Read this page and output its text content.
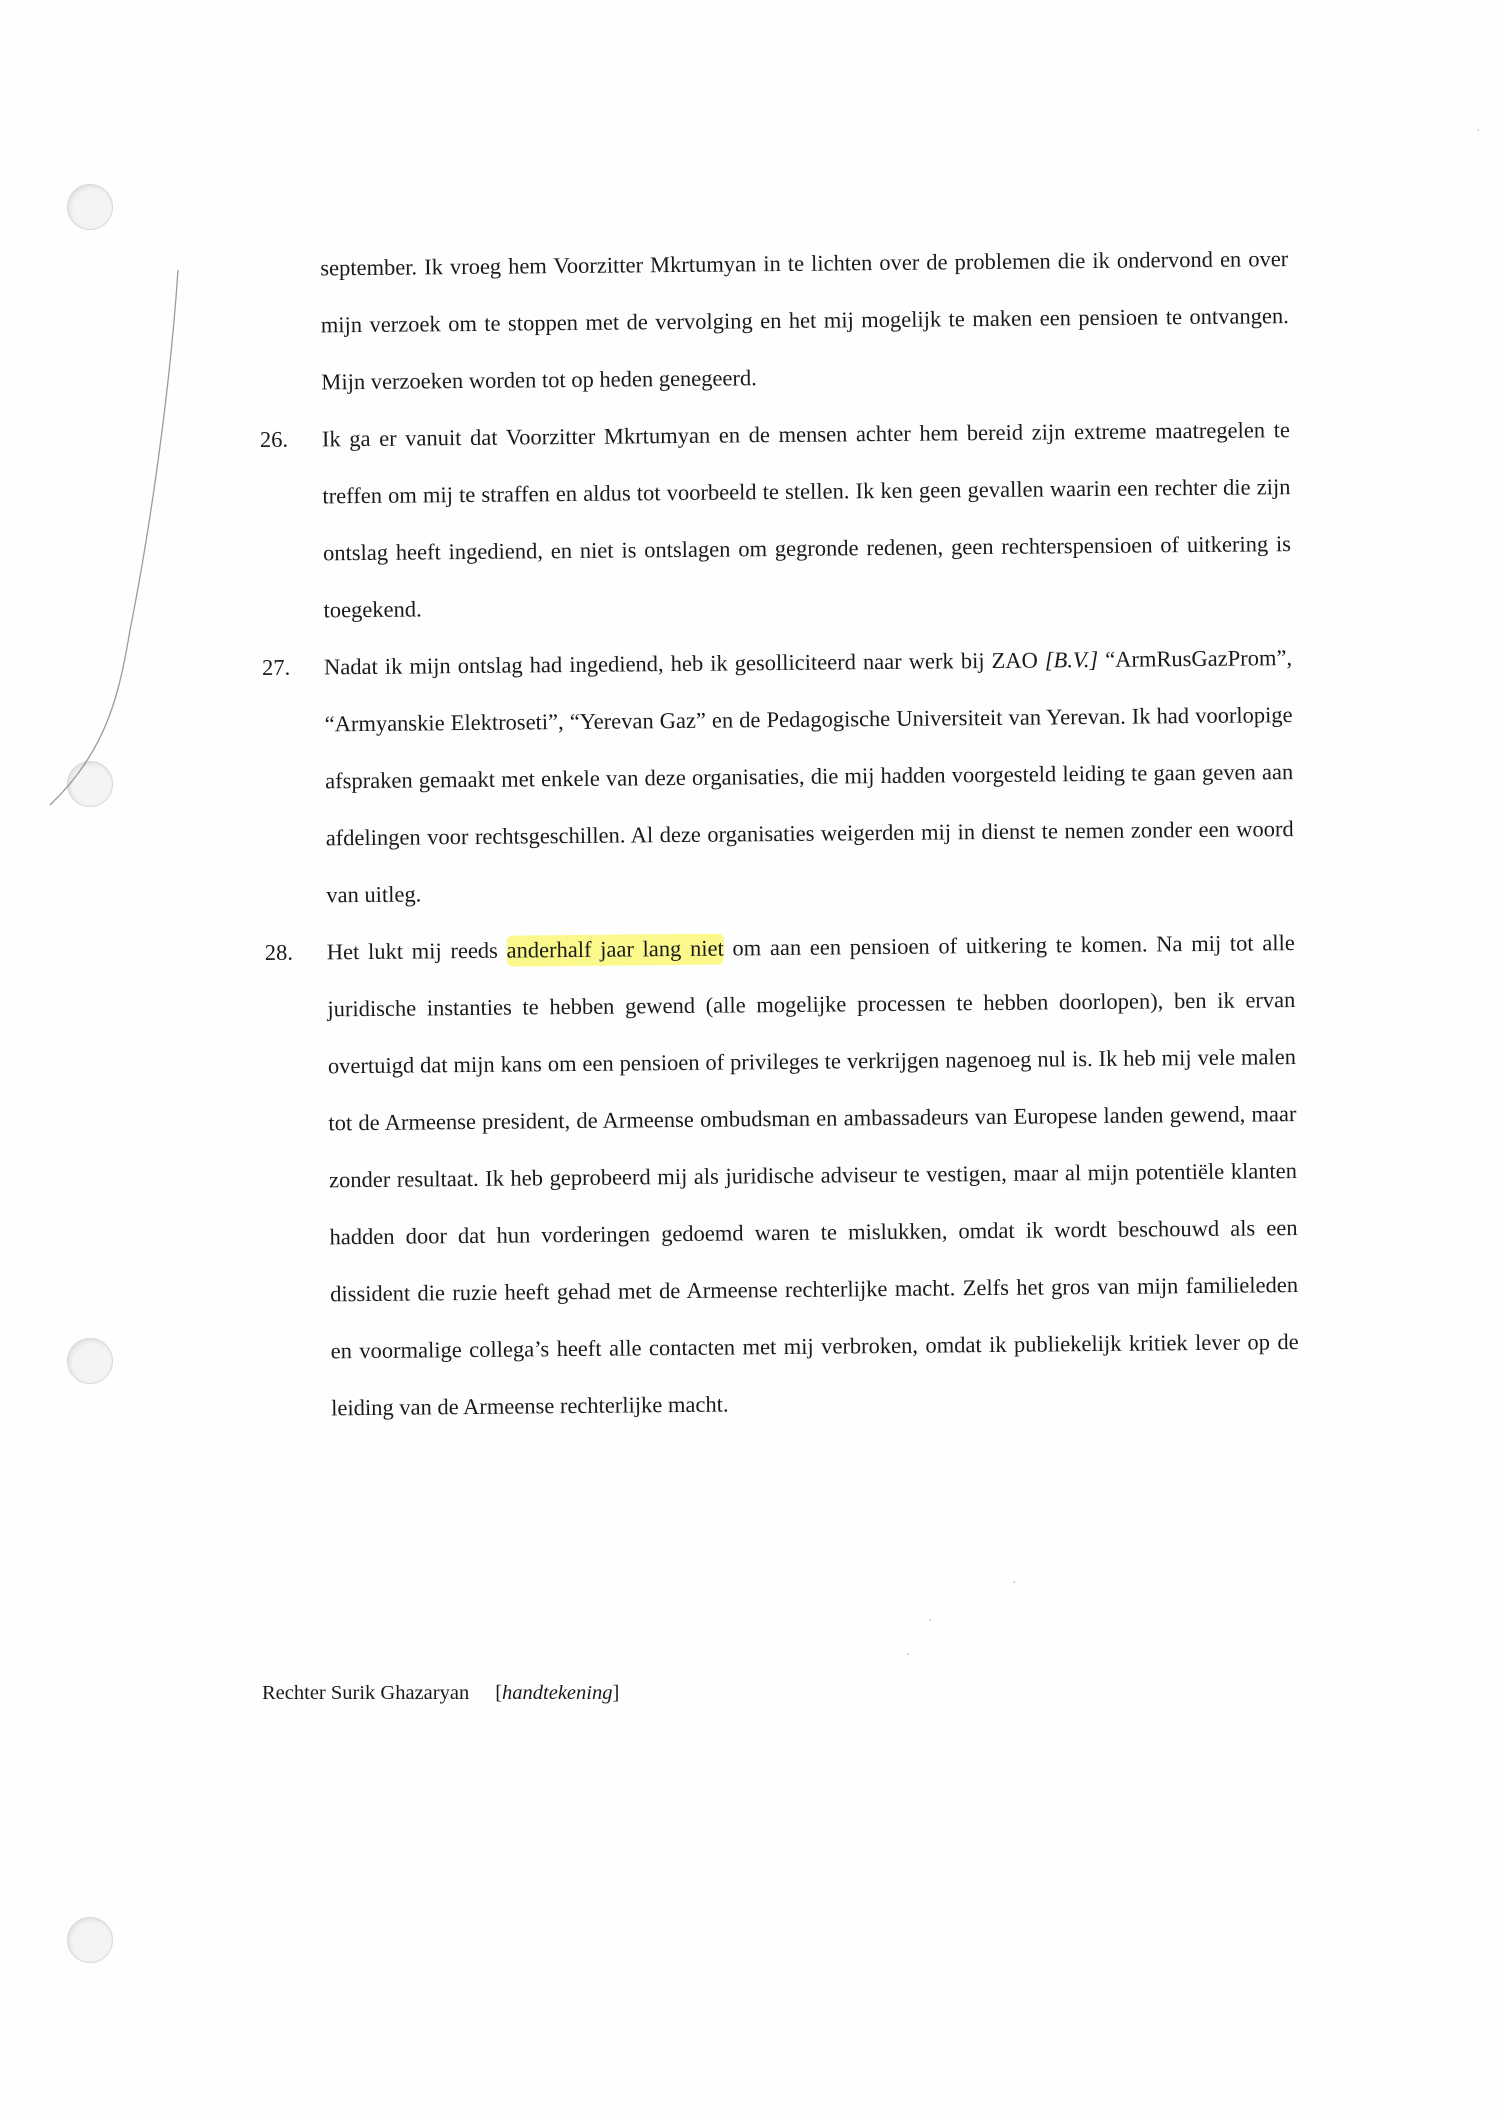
september. Ik vroeg hem Voorzitter Mkrtumyan in te lichten over de problemen die ik ondervond en over mijn verzoek om te stoppen met de vervolging en het mij mogelijk te maken een pensioen te ontvangen. Mijn verzoeken worden tot op heden genegeerd.

26.	Ik ga er vanuit dat Voorzitter Mkrtumyan en de mensen achter hem bereid zijn extreme maatregelen te treffen om mij te straffen en aldus tot voorbeeld te stellen. Ik ken geen gevallen waarin een rechter die zijn ontslag heeft ingediend, en niet is ontslagen om gegronde redenen, geen rechterspensioen of uitkering is toegekend.

27.	Nadat ik mijn ontslag had ingediend, heb ik gesolliciteerd naar werk bij ZAO [B.V.] “ArmRusGazProm”, “Armyanskie Elektroseti”, “Yerevan Gaz” en de Pedagogische Universiteit van Yerevan. Ik had voorlopige afspraken gemaakt met enkele van deze organisaties, die mij hadden voorgesteld leiding te gaan geven aan afdelingen voor rechtsgeschillen. Al deze organisaties weigerden mij in dienst te nemen zonder een woord van uitleg.

28.	Het lukt mij reeds anderhalf jaar lang niet om aan een pensioen of uitkering te komen. Na mij tot alle juridische instanties te hebben gewend (alle mogelijke processen te hebben doorlopen), ben ik ervan overtuigd dat mijn kans om een pensioen of privileges te verkrijgen nagenoeg nul is. Ik heb mij vele malen tot de Armeense president, de Armeense ombudsman en ambassadeurs van Europese landen gewend, maar zonder resultaat. Ik heb geprobeerd mij als juridische adviseur te vestigen, maar al mijn potentiële klanten hadden door dat hun vorderingen gedoemd waren te mislukken, omdat ik wordt beschouwd als een dissident die ruzie heeft gehad met de Armeense rechterlijke macht. Zelfs het gros van mijn familieleden en voormalige collega’s heeft alle contacten met mij verbroken, omdat ik publiekelijk kritiek lever op de leiding van de Armeense rechterlijke macht.

·
·
·
·
Rechter Surik Ghazaryan [handtekening]
